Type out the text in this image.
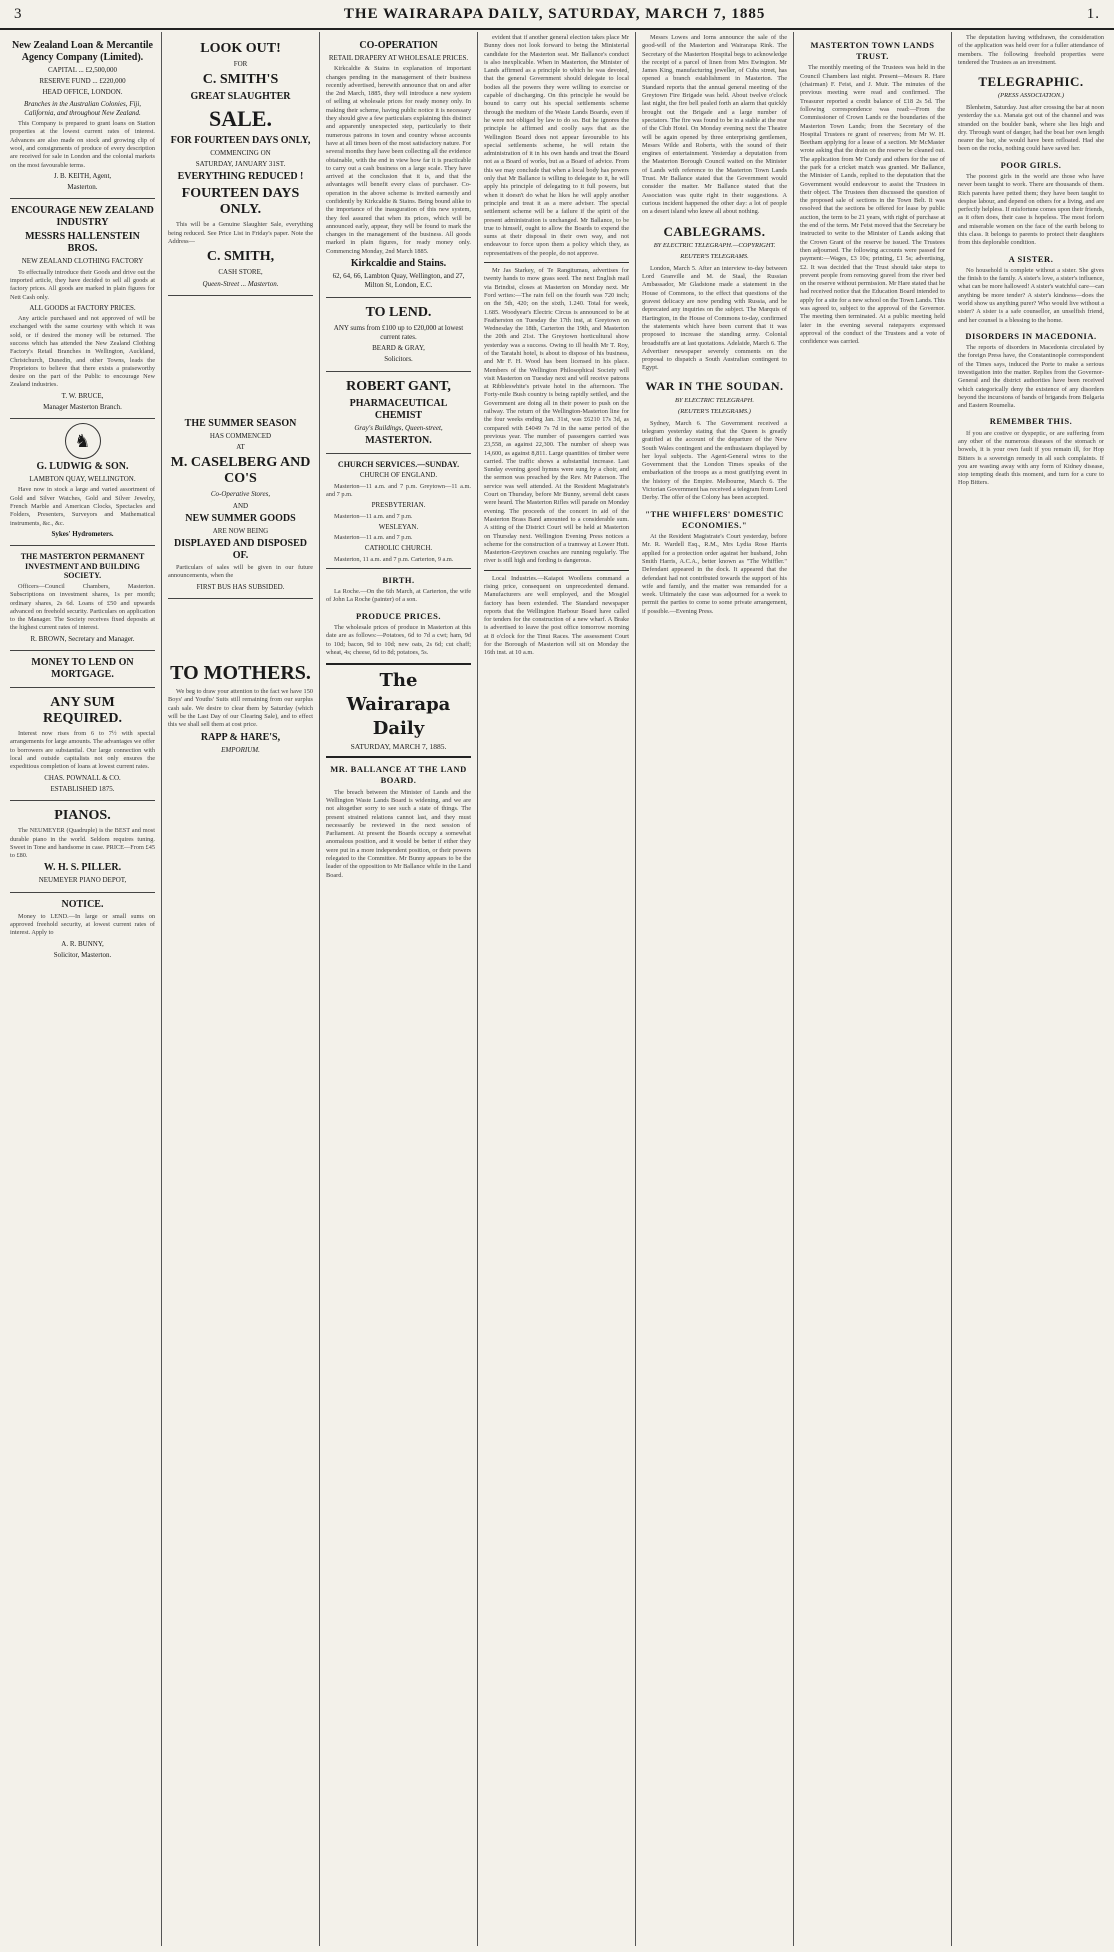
3	THE WAIRARAPA DAILY, SATURDAY, MARCH 7, 1885	1.
New Zealand Loan & Mercantile Agency Company (Limited).
CAPITAL ... £2,500,000
RESERVE FUND ... £220,000
HEAD OFFICE, LONDON.
Branches in the Australian Colonies, Fiji, California, and throughout New Zealand.
This Company is prepared to grant loans on Station properties at the lowest current rates of interest. Advances are also made on stock and growing clip of wool, and consignments of produce of every description are received for sale in London and the colonial markets on the most favourable terms.
J. B. KEITH, Agent,
Masterton.
ENCOURAGE NEW ZEALAND INDUSTRY
MESSRS HALLENSTEIN BROS.
NEW ZEALAND CLOTHING FACTORY
To effectually introduce their Goods and drive out the imported article, they have decided to sell all goods at factory prices. All goods are marked in plain figures for Nett Cash only.
ALL GOODS at FACTORY PRICES.
Any article purchased and not approved of will be exchanged with the same courtesy with which it was sold, or if desired the money will be returned. The success which has attended the New Zealand Clothing Factory's Retail Branches in Wellington, Auckland, Christchurch, Dunedin, and other Towns, leads the Proprietors to believe that there exists a praiseworthy desire on the part of the Public to encourage New Zealand industries.
T. W. BRUCE,
Manager Masterton Branch.
♞
G. LUDWIG & SON.
LAMBTON QUAY, WELLINGTON.
Have now in stock a large and varied assortment of Gold and Silver Watches, Gold and Silver Jewelry, French Marble and American Clocks, Spectacles and Folders, Presenters, Surveyors and Mathematical instruments, &c., &c.
Sykes' Hydrometers.
THE MASTERTON PERMANENT INVESTMENT AND BUILDING SOCIETY.
Officers—Council Chambers, Masterton. Subscriptions on investment shares, 1s per month; ordinary shares, 2s 6d. Loans of £50 and upwards advanced on freehold security. Particulars on application to the Manager. The Society receives fixed deposits at the highest current rates of interest.
R. BROWN, Secretary and Manager.
MONEY TO LEND ON MORTGAGE.
ANY SUM REQUIRED.
Interest now rises from 6 to 7½ with special arrangements for large amounts. The advantages we offer to borrowers are substantial. Our large connection with local and outside capitalists not only ensures the expeditious completion of loans at lowest current rates.
CHAS. POWNALL & CO.
ESTABLISHED 1875.
PIANOS.
The NEUMEYER (Quadruple) is the BEST and most durable piano in the world. Seldom requires tuning. Sweet in Tone and handsome in case. PRICE—From £45 to £80.
W. H. S. PILLER.
NEUMEYER PIANO DEPOT,
NOTICE.
Money to LEND.—In large or small sums on approved freehold security, at lowest current rates of interest. Apply to
A. R. BUNNY,
Solicitor, Masterton.
LOOK OUT!
FOR
C. SMITH'S
GREAT SLAUGHTER
SALE.
FOR FOURTEEN DAYS ONLY,
COMMENCING ON
SATURDAY, JANUARY 31ST.
EVERYTHING REDUCED !
FOURTEEN DAYS ONLY.
This will be a Genuine Slaughter Sale, everything being reduced. See Price List in Friday's paper. Note the Address—
C. SMITH,
CASH STORE,
Queen-Street ... Masterton.
THE SUMMER SEASON
HAS COMMENCED
AT
M. CASELBERG AND CO'S
Co-Operative Stores,
AND
NEW SUMMER GOODS
ARE NOW BEING
DISPLAYED AND DISPOSED OF.
Particulars of sales will be given in our future announcements, when the
FIRST BUS HAS SUBSIDED.
TO MOTHERS.
We beg to draw your attention to the fact we have 150 Boys' and Youths' Suits still remaining from our surplus cash sale. We desire to clear them by Saturday (which will be the Last Day of our Clearing Sale), and to effect this we shall sell them at cost price.
RAPP & HARE'S,
EMPORIUM.
CO-OPERATION
RETAIL DRAPERY AT WHOLESALE PRICES.
Kirkcaldie & Stains in explanation of important changes pending in the management of their business recently advertised, herewith announce that on and after the 2nd March, 1885, they will introduce a new system of selling at wholesale prices for ready money only. In making their scheme, having public notice it is necessary they should give a few particulars explaining this distinct and apparently unexpected step, particularly to their numerous patrons in town and country whose accounts have at all times been of the most satisfactory nature. For several months they have been collecting all the evidence obtainable, with the end in view how far it is practicable to carry out a cash business on a large scale. They have arrived at the conclusion that it is, and that the advantages will benefit every class of purchaser. Co-operation in the above scheme is invited earnestly and confidently by Kirkcaldie & Stains. Being bound alike to the importance of the inauguration of this new system, they feel assured that when its prices, which will be announced early, appear, they will be found to mark the changes in the management of the business. All goods marked in plain figures, for ready money only. Commencing Monday, 2nd March 1885.
Kirkcaldie and Stains.
62, 64, 66, Lambton Quay, Wellington, and 27, Milton St, London, E.C.
TO LEND.
ANY sums from £100 up to £20,000 at lowest current rates.
BEARD & GRAY,
Solicitors.
ROBERT GANT,
PHARMACEUTICAL CHEMIST
Gray's Buildings, Queen-street,
MASTERTON.
CHURCH SERVICES.—SUNDAY.
CHURCH OF ENGLAND.
Masterton—11 a.m. and 7 p.m. Greytown—11 a.m. and 7 p.m.
PRESBYTERIAN.
Masterton—11 a.m. and 7 p.m.
WESLEYAN.
Masterton—11 a.m. and 7 p.m.
CATHOLIC CHURCH.
Masterton, 11 a.m. and 7 p.m. Carterton, 9 a.m.
BIRTH.
La Roche.—On the 6th March, at Carterton, the wife of John La Roche (painter) of a son.
PRODUCE PRICES.
The wholesale prices of produce in Masterton at this date are as follows:—Potatoes, 6d to 7d a cwt; ham, 9d to 10d; bacon, 9d to 10d; new oats, 2s 6d; cut chaff; wheat, 4s; cheese, 6d to 8d; potatoes, 5s.
The Wairarapa Daily
SATURDAY, MARCH 7, 1885.
MR. BALLANCE AT THE LAND BOARD.
The breach between the Minister of Lands and the Wellington Waste Lands Board is widening, and we are not altogether sorry to see such a state of things. The present strained relations cannot last, and they must necessarily be reviewed in the next session of Parliament. At present the Boards occupy a somewhat anomalous position, and it would be better if either they were put in a more independent position, or their powers relegated to the Committee. Mr Bunny appears to be the leader of the opposition to Mr Ballance while in the Land Board.
evident that if another general election takes place Mr Bunny does not look forward to being the Ministerial candidate for the Masterton seat. Mr Ballance's conduct is also inexplicable. When in Masterton, the Minister of Lands affirmed as a principle to which he was devoted, that the general Government should delegate to local bodies all the powers they were willing to exercise or capable of discharging. On this principle he would be bound to carry out his special settlements scheme through the medium of the Waste Lands Boards, even if he were not obliged by law to do so. But he ignores the principle he affirmed and coolly says that as the Wellington Board does not appear favourable to his special settlements scheme, he will retain the administration of it in his own hands and treat the Board not as a Board of works, but as a Board of advice. From this we may conclude that when a local body has powers only that Mr Ballance is willing to delegate to it, he will apply his principle of delegating to it full powers, but when it doesn't do what he likes he will apply another principle and treat it as a mere adviser. The special settlement scheme will be a failure if the spirit of the present administration is unchanged. Mr Ballance, to be true to himself, ought to allow the Boards to expend the sums at their disposal in their own way, and not endeavour to force upon them a policy which they, as representatives of the people, do not approve.
Mr Jas Starkey, of Te Rangitumau, advertises for twenty hands to mow grass seed. The next English mail via Brindisi, closes at Masterton on Monday next. Mr Ford writes:—The rain fell on the fourth was 720 inch; on the 5th, 420; on the sixth, 1.240. Total for week, 1.685. Woodyear's Electric Circus is announced to be at Featherston on Tuesday the 17th inst, at Greytown on Wednesday the 18th, Carterton the 19th, and Masterton the 20th and 21st. The Greytown horticultural show yesterday was a success. Owing to ill health Mr T. Roy, of the Taratahi hotel, is about to dispose of his business, and Mr F. H. Wood has been licensed in his place. Members of the Wellington Philosophical Society will visit Masterton on Tuesday next and will receive patrons at Ribbleswhite's private hotel in the afternoon. The Forty-mile Bush country is being rapidly settled, and the Government are doing all in their power to push on the railway. The return of the Wellington-Masterton line for the four weeks ending Jan. 31st, was £6210 17s 3d, as compared with £4049 7s 7d in the same period of the previous year. The number of passengers carried was 23,558, as against 22,300. The number of sheep was 14,600, as against 8,811. Large quantities of timber were carried. The traffic shows a substantial increase. Last Sunday evening good hymns were sung by a choir, and the sermon was preached by the Rev. Mr Paterson. The service was well attended. At the Resident Magistrate's Court on Thursday, before Mr Bunny, several debt cases were heard. The Masterton Rifles will parade on Monday evening. The proceeds of the concert in aid of the Masterton Brass Band amounted to a considerable sum. A sitting of the District Court will be held at Masterton on Thursday next. Wellington Evening Press notices a scheme for the construction of a tramway at Lower Hutt. Masterton-Greytown coaches are running regularly. The river is still high and fording is dangerous.
Local Industries.—Kaiapoi Woollens command a rising price, consequent on unprecedented demand. Manufacturers are well employed, and the Mosgiel factory has been extended. The Standard newspaper reports that the Wellington Harbour Board have called for tenders for the construction of a new wharf. A Brake is advertised to leave the post office tomorrow morning at 8 o'clock for the Tinui Races. The assessment Court for the Borough of Masterton will sit on Monday the 16th inst. at 10 a.m.
Messrs Lowes and Iorns announce the sale of the good-will of the Masterton and Wairarapa Rink. The Secretary of the Masterton Hospital begs to acknowledge the receipt of a parcel of linen from Mrs Ewington. Mr James King, manufacturing jeweller, of Cuba street, has opened a branch establishment in Masterton. The Standard reports that the annual general meeting of the Greytown Fire Brigade was held. About twelve o'clock last night, the fire bell pealed forth an alarm that quickly brought out the Brigade and a large number of spectators. The fire was found to be in a stable at the rear of the Club Hotel. On Monday evening next the Theatre will be again opened by three enterprising gentlemen, Messrs Wilde and Roberts, with the sound of their engines of entertainment. Yesterday a deputation from the Masterton Borough Council waited on the Minister of Lands with reference to the Masterton Town Lands Trust. Mr Ballance stated that the Government would consider the matter. Mr Ballance stated that the Association was quite right in their suggestions. A curious incident happened the other day: a lot of people on a desert island who knew all about nothing.
CABLEGRAMS.
BY ELECTRIC TELEGRAPH.—COPYRIGHT.
REUTER'S TELEGRAMS.
London, March 5. After an interview to-day between Lord Granville and M. de Staal, the Russian Ambassador, Mr Gladstone made a statement in the House of Commons, to the effect that questions of the gravest delicacy are now pending with Russia, and he deprecated any inquiries on the subject. The Marquis of Hartington, in the House of Commons to-day, confirmed the statements which have been current that it was proposed to increase the standing army. Colonial broadstuffs are at last quotations. Adelaide, March 6. The Advertiser newspaper severely comments on the proposal to dispatch a South Australian contingent to Egypt.
WAR IN THE SOUDAN.
BY ELECTRIC TELEGRAPH.
(REUTER'S TELEGRAMS.)
Sydney, March 6. The Government received a telegram yesterday stating that the Queen is greatly gratified at the account of the departure of the New South Wales contingent and the enthusiasm displayed by her loyal subjects. The Agent-General wires to the Government that the London Times speaks of the embarkation of the troops as a most gratifying event in the history of the Empire. Melbourne, March 6. The Victorian Government has received a telegram from Lord Derby. The offer of the Colony has been accepted.
"THE WHIFFLERS' DOMESTIC ECONOMIES."
At the Resident Magistrate's Court yesterday, before Mr. R. Wardell Esq., R.M., Mrs Lydia Rose Harris applied for a protection order against her husband, John Smith Harris, A.C.A., better known as "The Whiffler." Defendant appeared in the dock. It appeared that the defendant had not contributed towards the support of his wife and family, and the matter was remanded for a week. Ultimately the case was adjourned for a week to permit the parties to come to some private arrangement, if possible.—Evening Press.
MASTERTON TOWN LANDS TRUST.
The monthly meeting of the Trustees was held in the Council Chambers last night. Present—Messrs R. Hare (chairman) F. Feist, and J. Muir. The minutes of the previous meeting were read and confirmed. The Treasurer reported a credit balance of £18 2s 5d. The following correspondence was read:—From the Commissioner of Crown Lands re the boundaries of the Masterton Town Lands; from the Secretary of the Hospital Trustees re grant of reserves; from Mr W. H. Beetham applying for a lease of a section. Mr McMaster wrote asking that the drain on the reserve be cleaned out. The application from Mr Cundy and others for the use of the park for a cricket match was granted. Mr Ballance, the Minister of Lands, replied to the deputation that the Government would endeavour to assist the Trustees in their object. The Trustees then discussed the question of the proposed sale of sections in the Town Belt. It was resolved that the sections be offered for lease by public auction, the term to be 21 years, with right of purchase at the end of the term. Mr Feist moved that the Secretary be instructed to write to the Minister of Lands asking that the Crown Grant of the reserve be issued. The Trustees then adjourned. The following accounts were passed for payment:—Wages, £3 10s; printing, £1 5s; advertising, £2. It was decided that the Trust should take steps to prevent people from removing gravel from the river bed on the reserve without permission. Mr Hare stated that he had received notice that the Education Board intended to apply for a site for a new school on the Town Lands. This was agreed to, subject to the approval of the Governor. The meeting then terminated. At a public meeting held later in the evening several ratepayers expressed approval of the conduct of the Trustees and a vote of confidence was carried.
The deputation having withdrawn, the consideration of the application was held over for a fuller attendance of members. The following freehold properties were tendered the Trustees as an investment.
TELEGRAPHIC.
(PRESS ASSOCIATION.)
Blenheim, Saturday. Just after crossing the bar at noon yesterday the s.s. Manaia got out of the channel and was stranded on the boulder bank, where she lies high and dry. Through want of danger, had the boat her own length nearer the bar, she would have been refloated. Had she been on the rocks, nothing could have saved her.
POOR GIRLS.
The poorest girls in the world are those who have never been taught to work. There are thousands of them. Rich parents have petted them; they have been taught to despise labour, and depend on others for a living, and are perfectly helpless. If misfortune comes upon their friends, as it often does, their case is hopeless. The most forlorn and miserable women on the face of the earth belong to this class. It belongs to parents to protect their daughters from this deplorable condition.
A SISTER.
No household is complete without a sister. She gives the finish to the family. A sister's love, a sister's influence, what can be more hallowed! A sister's watchful care—can anything be more tender? A sister's kindness—does the world show us anything purer? Who would live without a sister? A sister is a safe counsellor, an unselfish friend, and her counsel is a blessing to the home.
DISORDERS IN MACEDONIA.
The reports of disorders in Macedonia circulated by the foreign Press have, the Constantinople correspondent of the Times says, induced the Porte to make a serious investigation into the matter. Replies from the Governor-General and the district authorities have been received which categorically deny the existence of any disorders beyond the incursions of bands of brigands from Bulgaria and Eastern Roumelia.
REMEMBER THIS.
If you are costive or dyspeptic, or are suffering from any other of the numerous diseases of the stomach or bowels, it is your own fault if you remain ill, for Hop Bitters is a sovereign remedy in all such complaints. If you are wasting away with any form of Kidney disease, stop tempting death this moment, and turn for a cure to Hop Bitters.
